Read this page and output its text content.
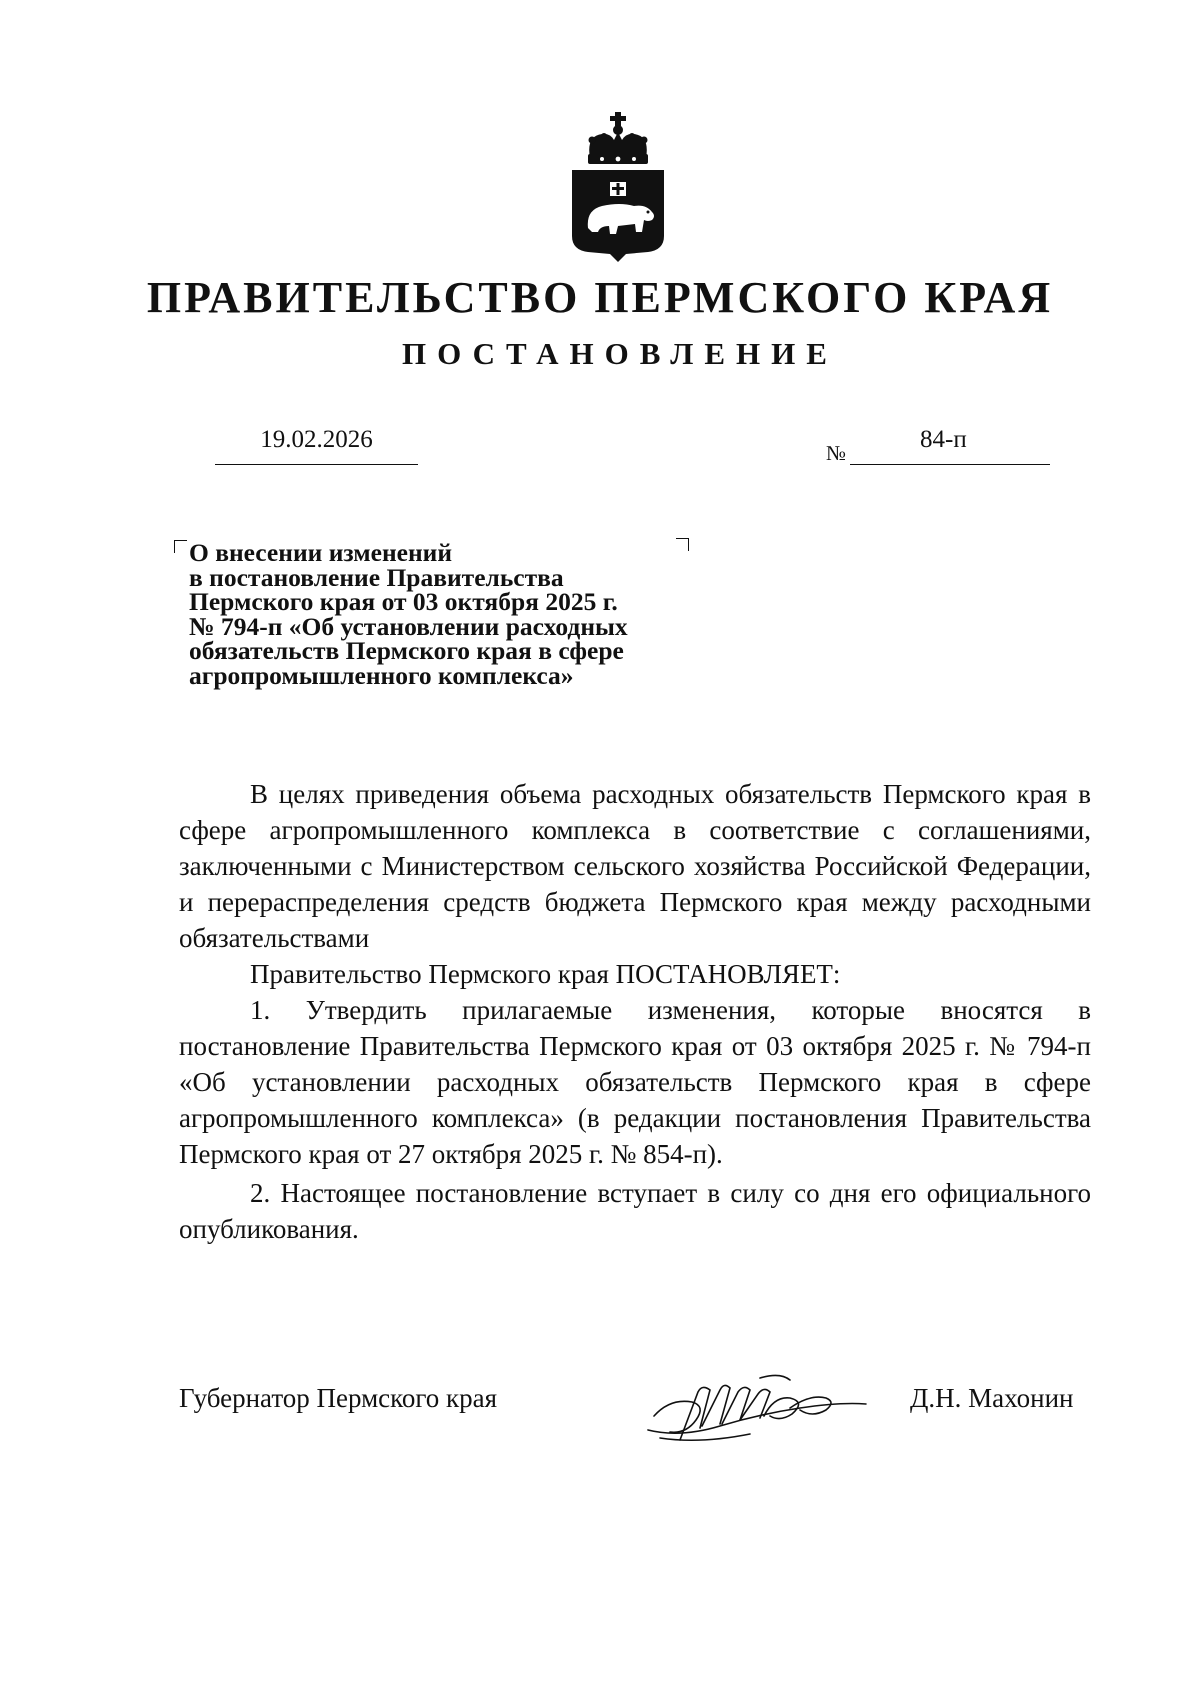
ПРАВИТЕЛЬСТВО ПЕРМСКОГО КРАЯ
ПОСТАНОВЛЕНИЕ
19.02.2026	№	84-п
О внесении изменений
в постановление Правительства
Пермского края от 03 октября 2025 г.
№ 794-п «Об установлении расходных
обязательств Пермского края в сфере
агропромышленного комплекса»

В целях приведения объема расходных обязательств Пермского края в сфере агропромышленного комплекса в соответствие с соглашениями, заключенными с Министерством сельского хозяйства Российской Федерации, и перераспределения средств бюджета Пермского края между расходными обязательствами

Правительство Пермского края ПОСТАНОВЛЯЕТ:

1. Утвердить прилагаемые изменения, которые вносятся в постановление Правительства Пермского края от 03 октября 2025 г. № 794-п «Об установлении расходных обязательств Пермского края в сфере агропромышленного комплекса» (в редакции постановления Правительства Пермского края от 27 октября 2025 г. № 854-п).

2. Настоящее постановление вступает в силу со дня его официального опубликования.

Губернатор Пермского края	Д.Н. Махонин
